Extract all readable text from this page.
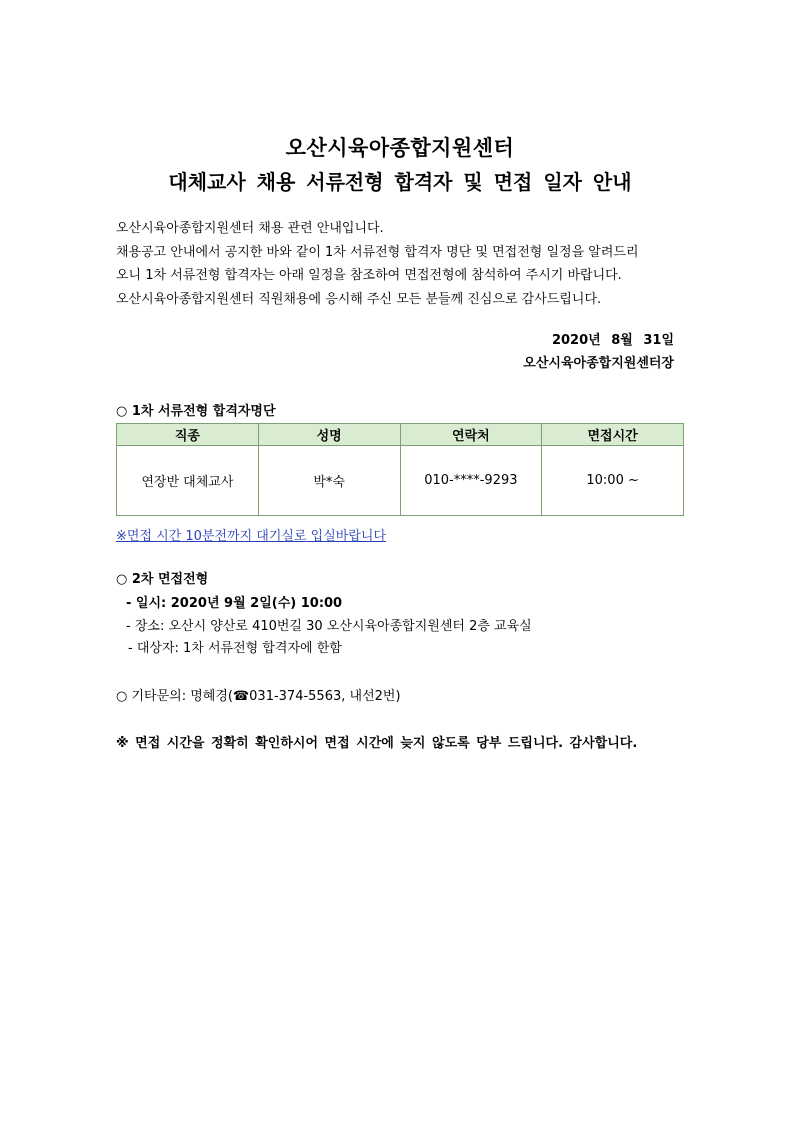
오산시육아종합지원센터
대체교사 채용 서류전형 합격자 및 면접 일자 안내
오산시육아종합지원센터 채용 관련 안내입니다.
채용공고 안내에서 공지한 바와 같이 1차 서류전형 합격자 명단 및 면접전형 일정을 알려드리
오니 1차 서류전형 합격자는 아래 일정을 참조하여 면접전형에 참석하여 주시기 바랍니다.
오산시육아종합지원센터 직원채용에 응시해 주신 모든 분들께 진심으로 감사드립니다.
2020년 8월 31일
오산시육아종합지원센터장
○ 1차 서류전형 합격자명단
직종	성명	연락처	면접시간
연장반 대체교사	박*숙	010-****-9293	10:00 ~
※면접 시간 10분전까지 대기실로 입실바랍니다
○ 2차 면접전형
- 일시: 2020년 9월 2일(수) 10:00
- 장소: 오산시 양산로 410번길 30 오산시육아종합지원센터 2층 교육실
- 대상자: 1차 서류전형 합격자에 한함
○ 기타문의: 명혜경(☎031-374-5563, 내선2번)
※ 면접 시간을 정확히 확인하시어 면접 시간에 늦지 않도록 당부 드립니다. 감사합니다.
